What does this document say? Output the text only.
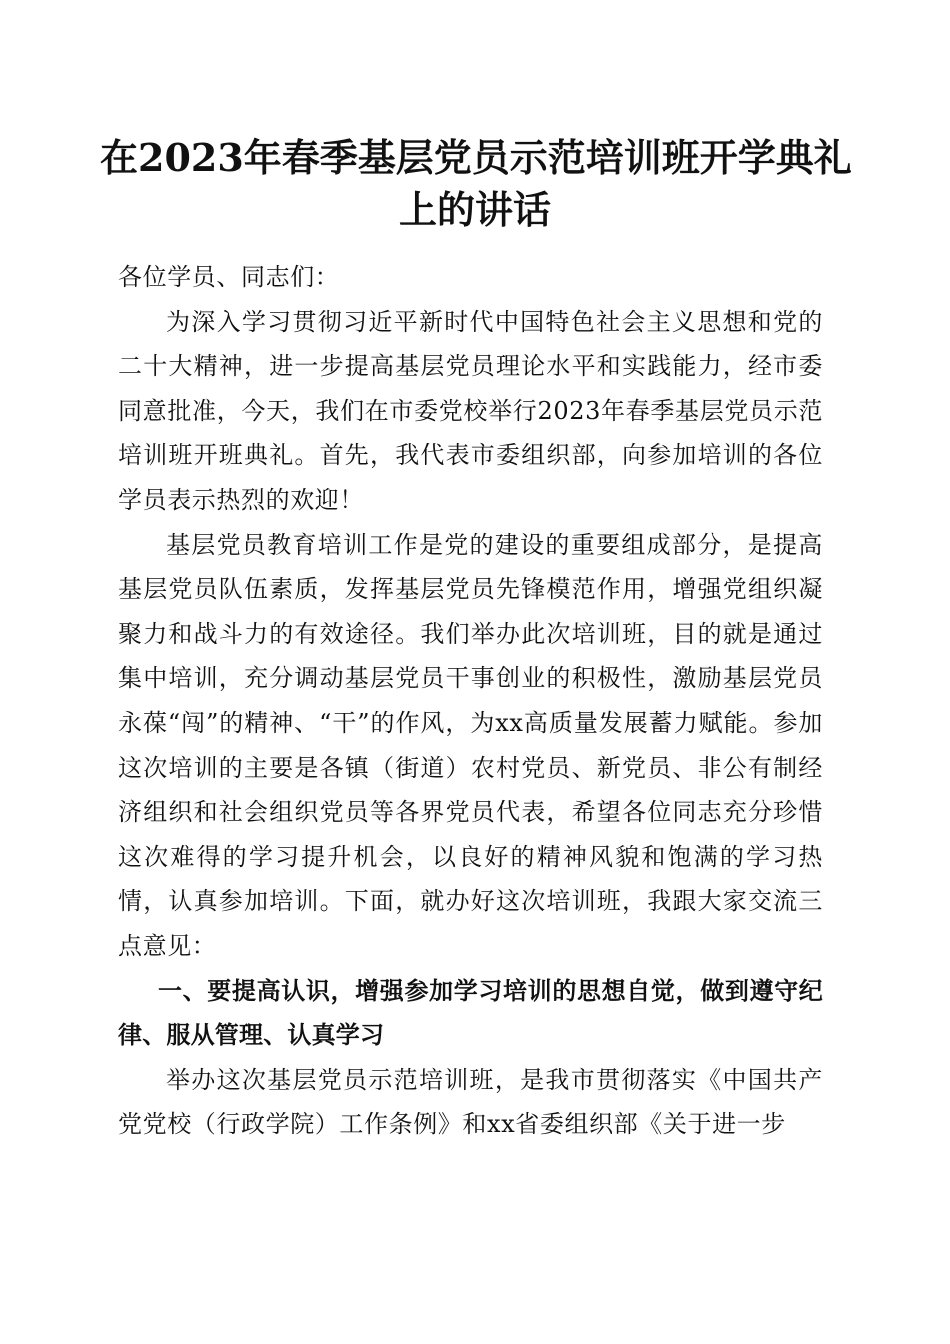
在2023年春季基层党员示范培训班开学典礼
上的讲话

各位学员、同志们：

为深入学习贯彻习近平新时代中国特色社会主义思想和党的二十大精神，进一步提高基层党员理论水平和实践能力，经市委同意批准，今天，我们在市委党校举行2023年春季基层党员示范培训班开班典礼。首先，我代表市委组织部，向参加培训的各位学员表示热烈的欢迎！

基层党员教育培训工作是党的建设的重要组成部分，是提高基层党员队伍素质，发挥基层党员先锋模范作用，增强党组织凝聚力和战斗力的有效途径。我们举办此次培训班，目的就是通过集中培训，充分调动基层党员干事创业的积极性，激励基层党员永葆“闯”的精神、“干”的作风，为xx高质量发展蓄力赋能。参加这次培训的主要是各镇（街道）农村党员、新党员、非公有制经济组织和社会组织党员等各界党员代表，希望各位同志充分珍惜这次难得的学习提升机会，以良好的精神风貌和饱满的学习热情，认真参加培训。下面，就办好这次培训班，我跟大家交流三点意见：

一、要提高认识，增强参加学习培训的思想自觉，做到遵守纪律、服从管理、认真学习

举办这次基层党员示范培训班，是我市贯彻落实《中国共产党党校（行政学院）工作条例》和xx省委组织部《关于进一步
